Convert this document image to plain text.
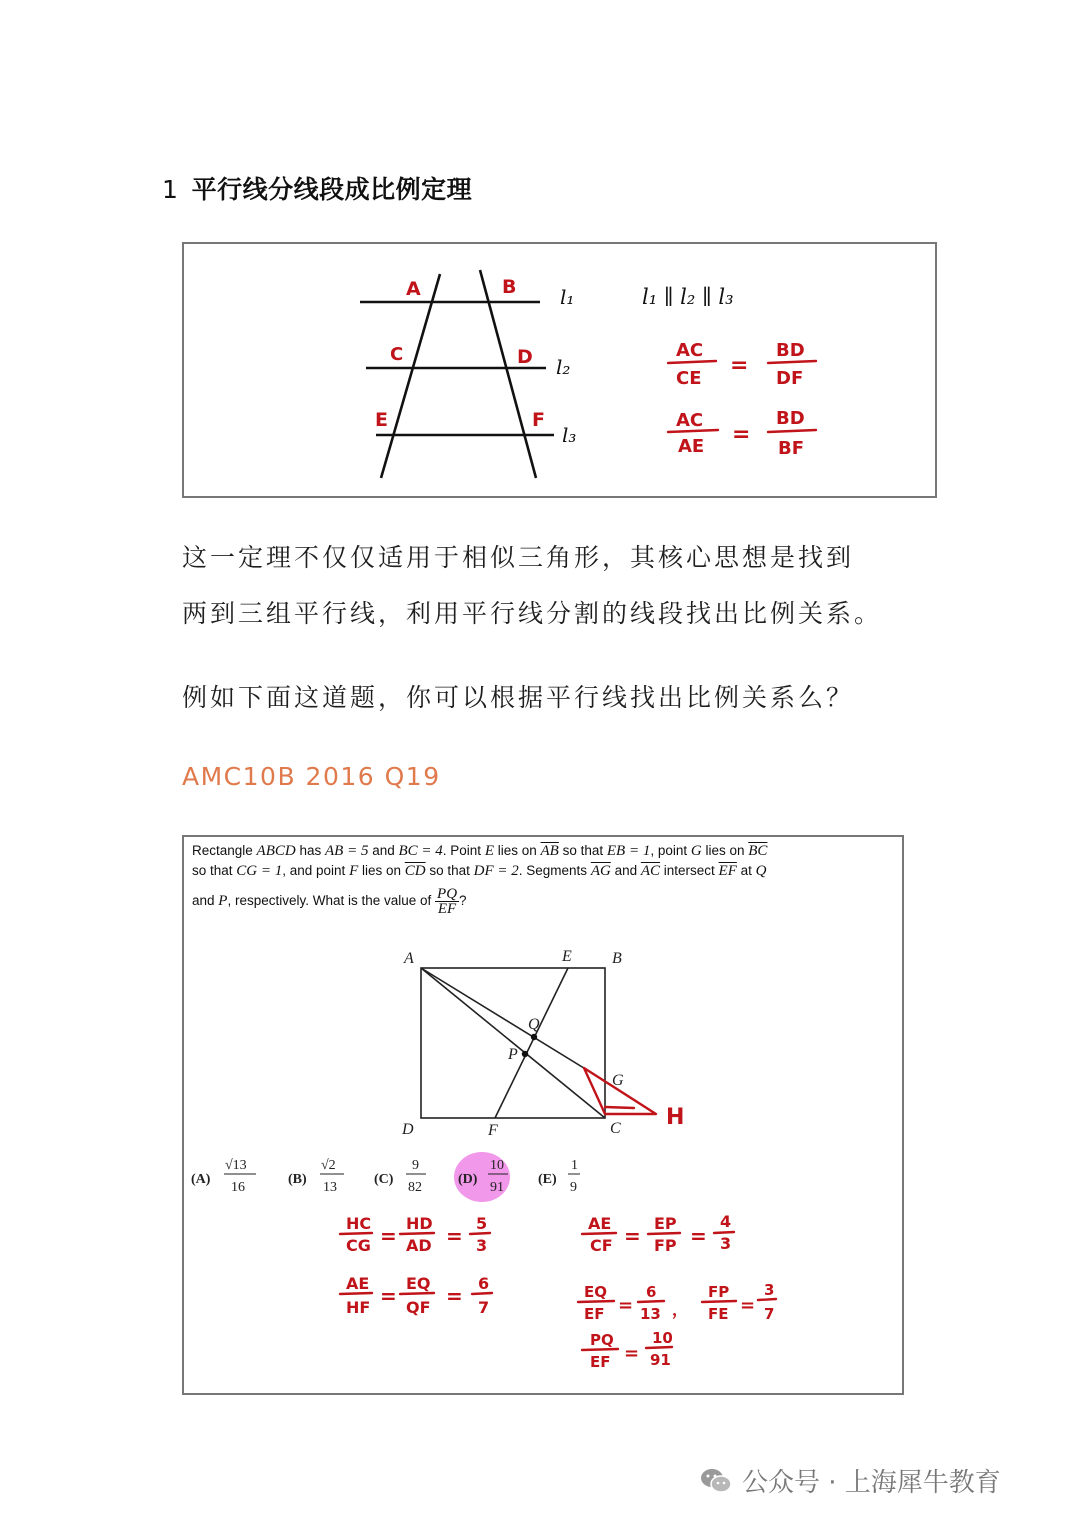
1 平行线分线段成比例定理
A	B
C	D
E	F
l₁
l₂
l₃
l₁ ∥ l₂ ∥ l₃
AC
CE
=
BD
DF
AC
AE =
BD
BF
这一定理不仅仅适用于相似三角形，其核心思想是找到
两到三组平行线，利用平行线分割的线段找出比例关系。
例如下面这道题，你可以根据平行线找出比例关系么？
AMC10B 2016 Q19
Rectangle ABCD has AB = 5 and BC = 4. Point E lies on $\overline{AB}$ so that EB = 1, point G lies on $\overline{BC}$
so that CG = 1, and point F lies on $\overline{CD}$ so that DF = 2. Segments $\overline{AG}$ and $\overline{AC}$ intersect $\overline{EF}$ at Q
and P, respectively. What is the value of $\frac{PQ}{EF}$ ?
A	E	B
Q
P
G
D	F	C H
(A)
√13
16
(B)
√2
13
(C)
9
82
(D)
10
91
(E)
1
9
HC
CG =
HD
AD =
5
3
AE
HF =
EQ
QF =
6
7
AE
CF =
EP
FP =
4
3
EQ
EF =
6
13 ，
FP
FE =
3
7
PQ
EF =
10
91
公众号 · 上海犀牛教育
